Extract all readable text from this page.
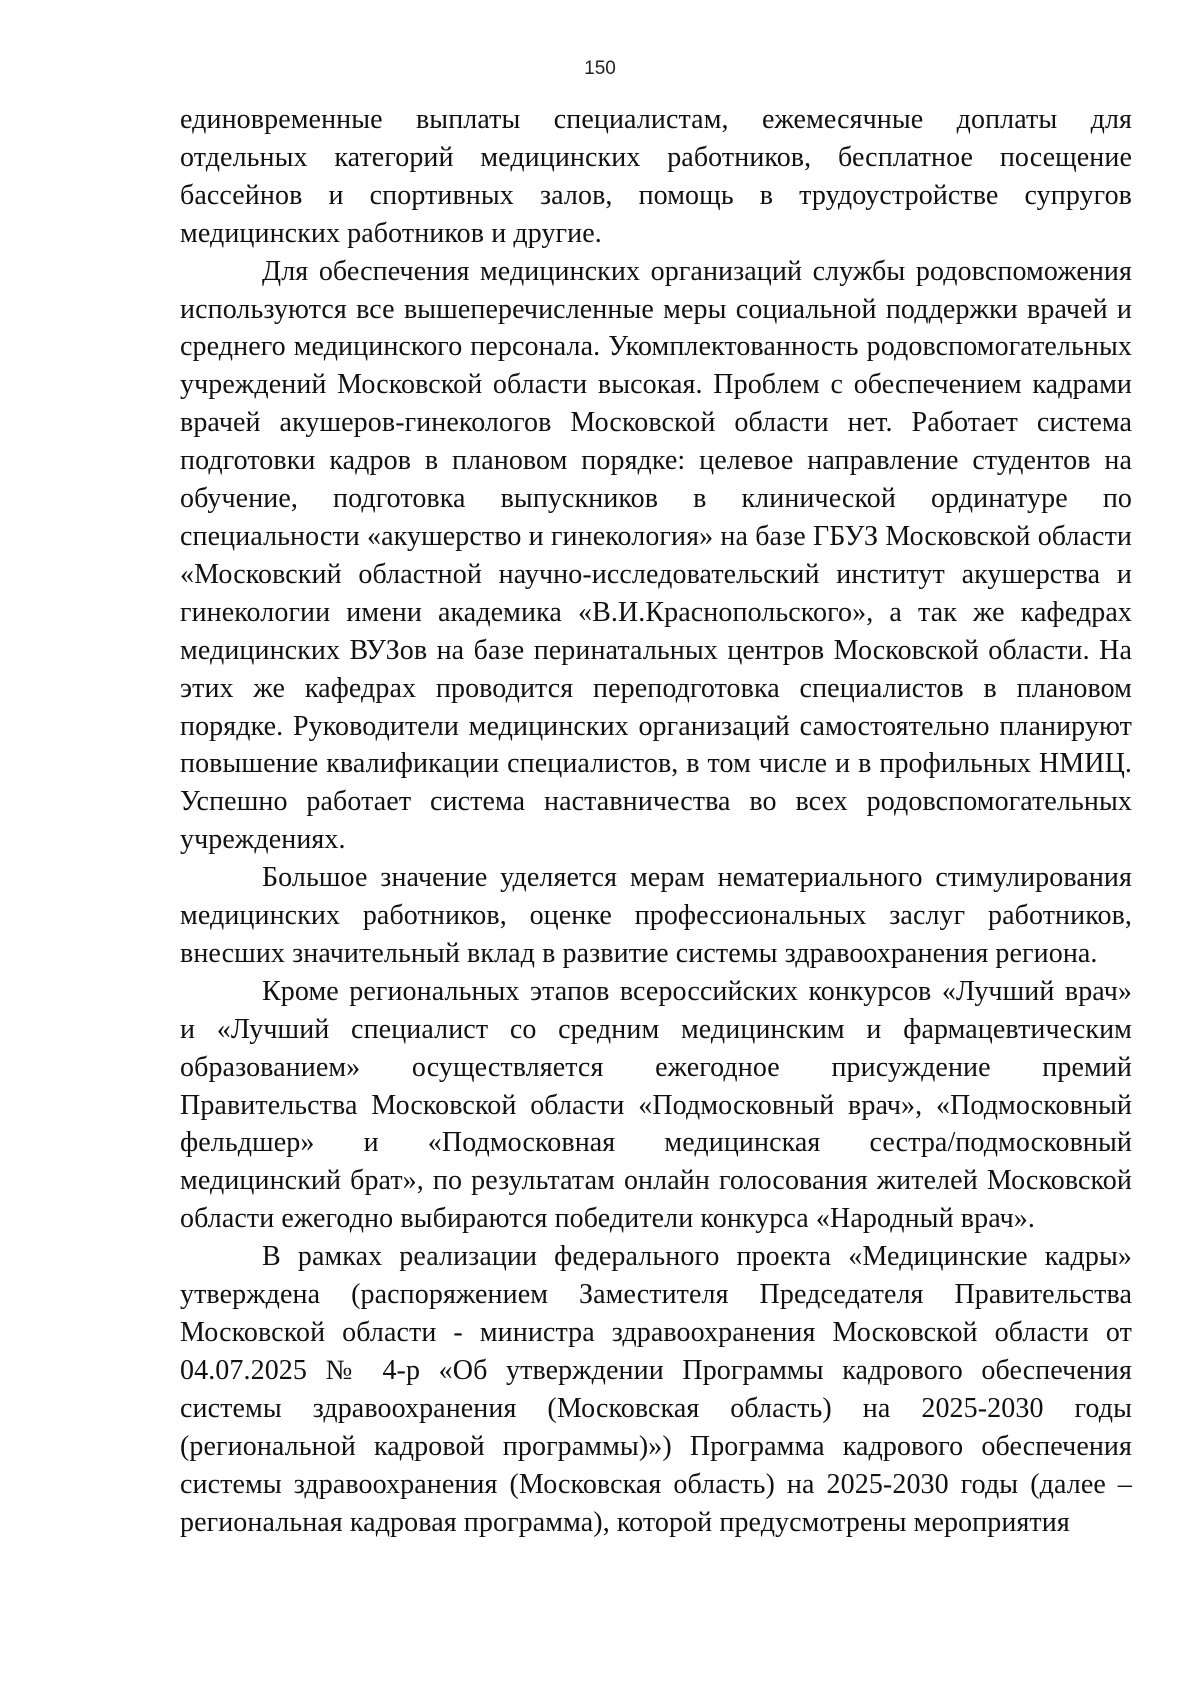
150

единовременные выплаты специалистам, ежемесячные доплаты для отдельных категорий медицинских работников, бесплатное посещение бассейнов и спортивных залов, помощь в трудоустройстве супругов медицинских работников и другие.

Для обеспечения медицинских организаций службы родовспоможения используются все вышеперечисленные меры социальной поддержки врачей и среднего медицинского персонала. Укомплектованность родовспомогательных учреждений Московской области высокая. Проблем с обеспечением кадрами врачей акушеров-гинекологов Московской области нет. Работает система подготовки кадров в плановом порядке: целевое направление студентов на обучение, подготовка выпускников в клинической ординатуре по специальности «акушерство и гинекология» на базе ГБУЗ Московской области «Московский областной научно-исследовательский институт акушерства и гинекологии имени академика «В.И.Краснопольского», а так же кафедрах медицинских ВУЗов на базе перинатальных центров Московской области. На этих же кафедрах проводится переподготовка специалистов в плановом порядке. Руководители медицинских организаций самостоятельно планируют повышение квалификации специалистов, в том числе и в профильных НМИЦ. Успешно работает система наставничества во всех родовспомогательных учреждениях.

Большое значение уделяется мерам нематериального стимулирования медицинских работников, оценке профессиональных заслуг работников, внесших значительный вклад в развитие системы здравоохранения региона.

Кроме региональных этапов всероссийских конкурсов «Лучший врач» и «Лучший специалист со средним медицинским и фармацевтическим образованием» осуществляется ежегодное присуждение премий Правительства Московской области «Подмосковный врач», «Подмосковный фельдшер» и «Подмосковная медицинская сестра/подмосковный медицинский брат», по результатам онлайн голосования жителей Московской области ежегодно выбираются победители конкурса «Народный врач».

В рамках реализации федерального проекта «Медицинские кадры» утверждена (распоряжением Заместителя Председателя Правительства Московской области - министра здравоохранения Московской области от 04.07.2025 № 4-р «Об утверждении Программы кадрового обеспечения системы здравоохранения (Московская область) на 2025-2030 годы (региональной кадровой программы)») Программа кадрового обеспечения системы здравоохранения (Московская область) на 2025-2030 годы (далее – региональная кадровая программа), которой предусмотрены мероприятия
